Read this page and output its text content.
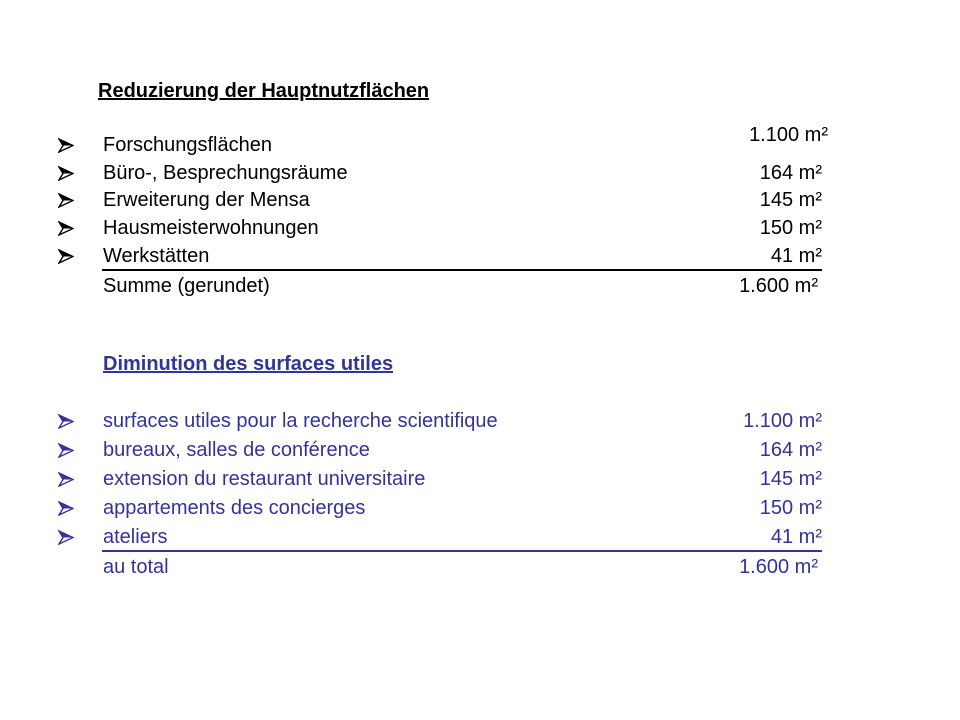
Reduzierung der Hauptnutzflächen
Forschungsflächen	1.100 m²
Büro-, Besprechungsräume	164 m²
Erweiterung der Mensa	145 m²
Hausmeisterwohnungen	150 m²
Werkstätten	41 m²
Summe (gerundet)	1.600 m²
Diminution des surfaces utiles
surfaces utiles pour la recherche scientifique	1.100 m²
bureaux, salles de conférence	164 m²
extension du restaurant universitaire	145 m²
appartements des concierges	150 m²
ateliers	41 m²
au total	1.600 m²
